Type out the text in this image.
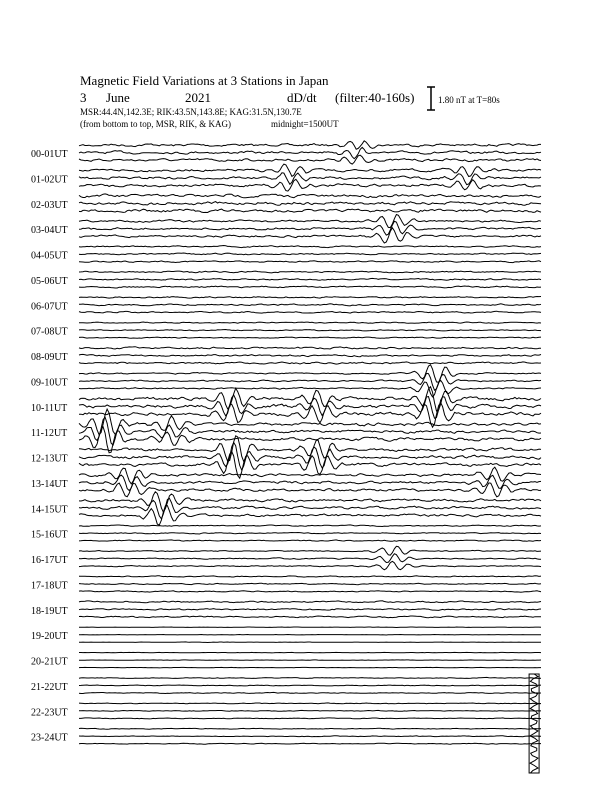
Magnetic Field Variations at 3 Stations in Japan
3 June	2021	dD/dt (filter:40-160s)
MSR:44.4N,142.3E; RIK:43.5N,143.8E; KAG:31.5N,130.7E
(from bottom to top, MSR, RIK, & KAG)	midnight=1500UT
1.80 nT at T=80s
00-01UT
01-02UT
02-03UT
03-04UT
04-05UT
05-06UT
06-07UT
07-08UT
08-09UT
09-10UT
10-11UT
11-12UT
12-13UT
13-14UT
14-15UT
15-16UT
16-17UT
17-18UT
18-19UT
19-20UT
20-21UT
21-22UT
22-23UT
23-24UT
